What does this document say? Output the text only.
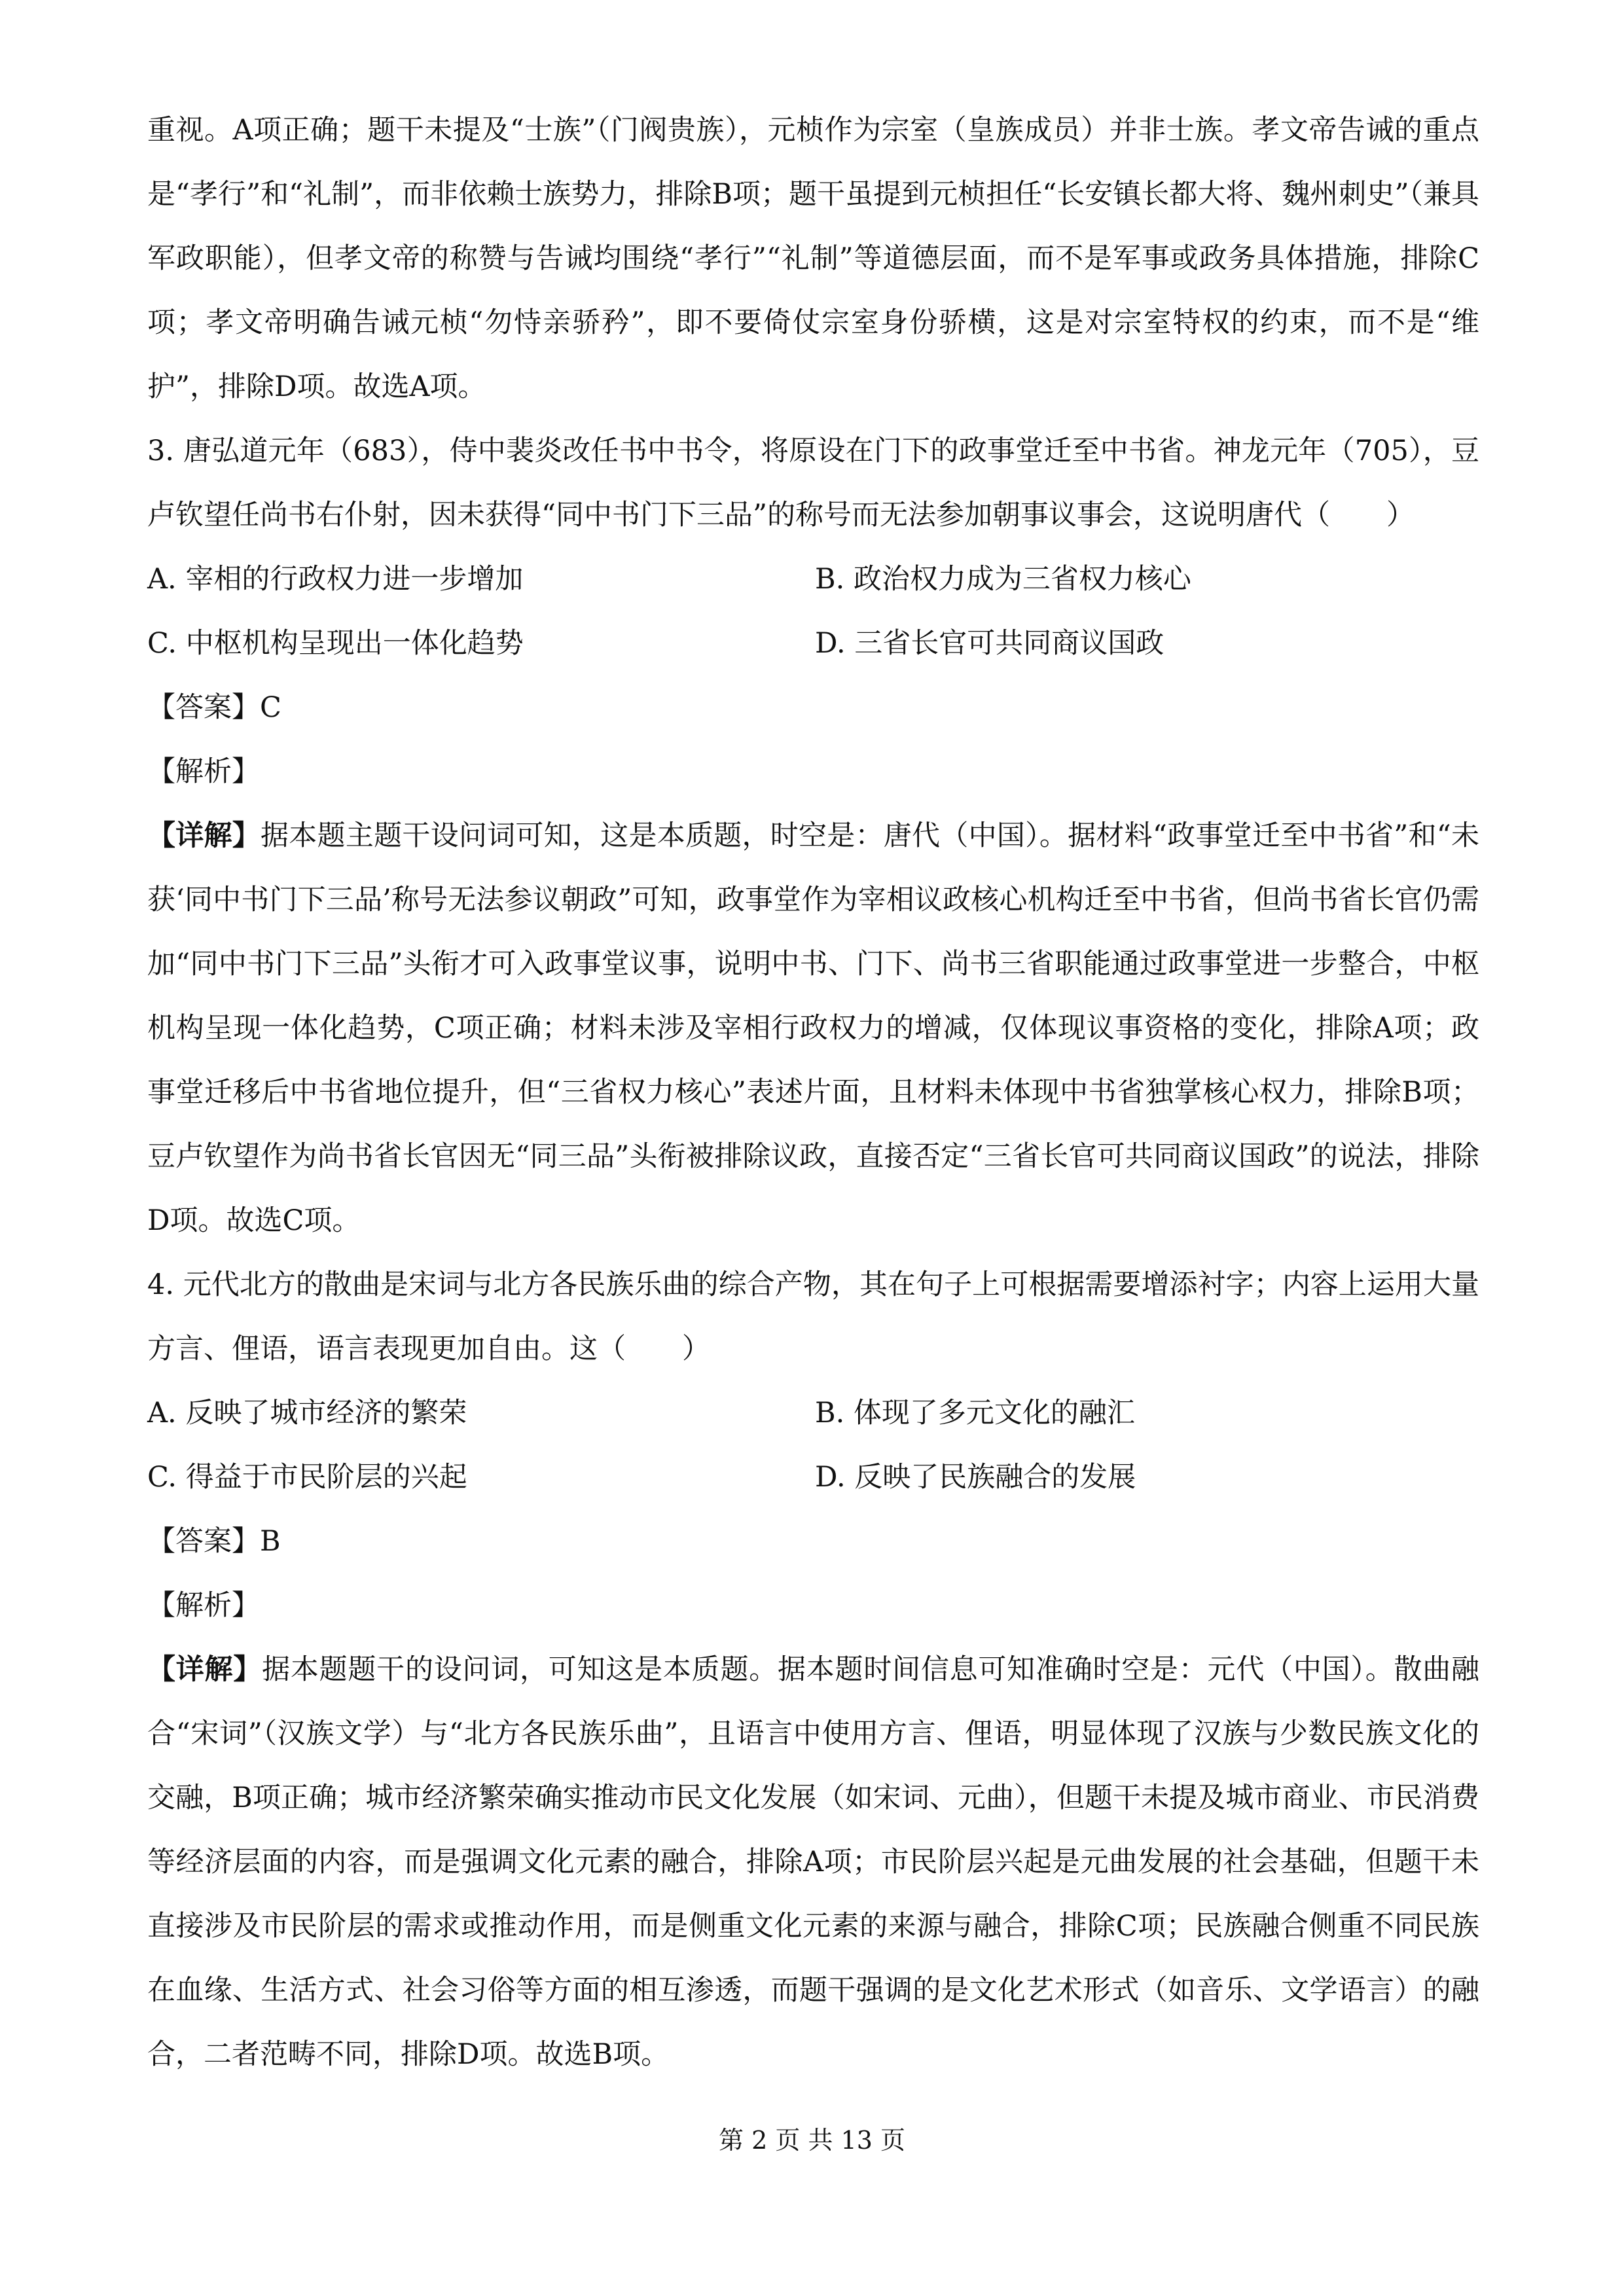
重视。A项正确；题干未提及“士族”（门阀贵族），元桢作为宗室（皇族成员）并非士族。孝文帝告诫的重点是“孝行”和“礼制”，而非依赖士族势力，排除B项；题干虽提到元桢担任“长安镇长都大将、魏州刺史”（兼具军政职能），但孝文帝的称赞与告诫均围绕“孝行”“礼制”等道德层面，而不是军事或政务具体措施，排除C项；孝文帝明确告诫元桢“勿恃亲骄矜”，即不要倚仗宗室身份骄横，这是对宗室特权的约束，而不是“维护”，排除D项。故选A项。

3. 唐弘道元年（683），侍中裴炎改任书中书令，将原设在门下的政事堂迁至中书省。神龙元年（705），豆卢钦望任尚书右仆射，因未获得“同中书门下三品”的称号而无法参加朝事议事会，这说明唐代（　　）

A. 宰相的行政权力进一步增加	B. 政治权力成为三省权力核心

C. 中枢机构呈现出一体化趋势	D. 三省长官可共同商议国政

【答案】C

【解析】

【详解】据本题主题干设问词可知，这是本质题，时空是：唐代（中国）。据材料“政事堂迁至中书省”和“未获‘同中书门下三品’称号无法参议朝政”可知，政事堂作为宰相议政核心机构迁至中书省，但尚书省长官仍需加“同中书门下三品”头衔才可入政事堂议事，说明中书、门下、尚书三省职能通过政事堂进一步整合，中枢机构呈现一体化趋势，C项正确；材料未涉及宰相行政权力的增减，仅体现议事资格的变化，排除A项；政事堂迁移后中书省地位提升，但“三省权力核心”表述片面，且材料未体现中书省独掌核心权力，排除B项；豆卢钦望作为尚书省长官因无“同三品”头衔被排除议政，直接否定“三省长官可共同商议国政”的说法，排除D项。故选C项。

4. 元代北方的散曲是宋词与北方各民族乐曲的综合产物，其在句子上可根据需要增添衬字；内容上运用大量方言、俚语，语言表现更加自由。这（　　）

A. 反映了城市经济的繁荣	B. 体现了多元文化的融汇

C. 得益于市民阶层的兴起	D. 反映了民族融合的发展

【答案】B

【解析】

【详解】据本题题干的设问词，可知这是本质题。据本题时间信息可知准确时空是：元代（中国）。散曲融合“宋词”（汉族文学）与“北方各民族乐曲”，且语言中使用方言、俚语，明显体现了汉族与少数民族文化的交融，B项正确；城市经济繁荣确实推动市民文化发展（如宋词、元曲），但题干未提及城市商业、市民消费等经济层面的内容，而是强调文化元素的融合，排除A项；市民阶层兴起是元曲发展的社会基础，但题干未直接涉及市民阶层的需求或推动作用，而是侧重文化元素的来源与融合，排除C项；民族融合侧重不同民族在血缘、生活方式、社会习俗等方面的相互渗透，而题干强调的是文化艺术形式（如音乐、文学语言）的融合，二者范畴不同，排除D项。故选B项。

第 2 页 共 13 页
